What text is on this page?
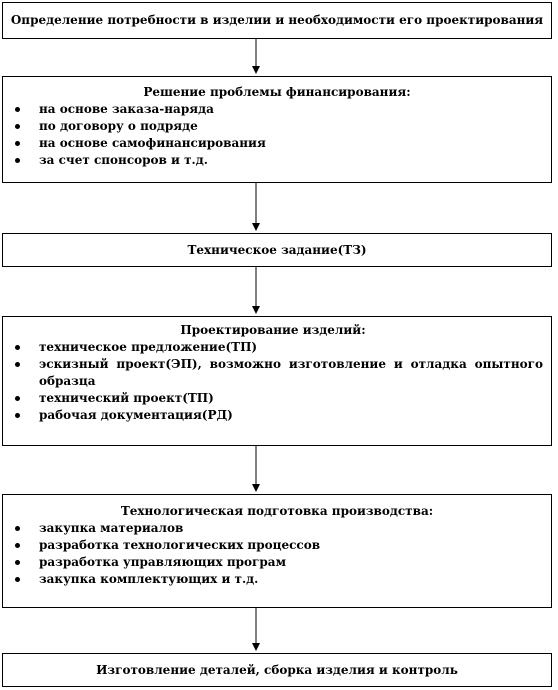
Определение потребности в изделии и необходимости его проектирования
Решение проблемы финансирования:
на основе заказа-наряда
по договору о подряде
на основе самофинансирования
за счет спонсоров и т.д.
Техническое задание(ТЗ)
Проектирование изделий:
техническое предложение(ТП)
эскизный проект(ЭП), возможно изготовление и отладка опытного образца
технический проект(ТП)
рабочая документация(РД)
Технологическая подготовка производства:
закупка материалов
разработка технологических процессов
разработка управляющих програм
закупка комплектующих и т.д.
Изготовление деталей, сборка изделия и контроль
